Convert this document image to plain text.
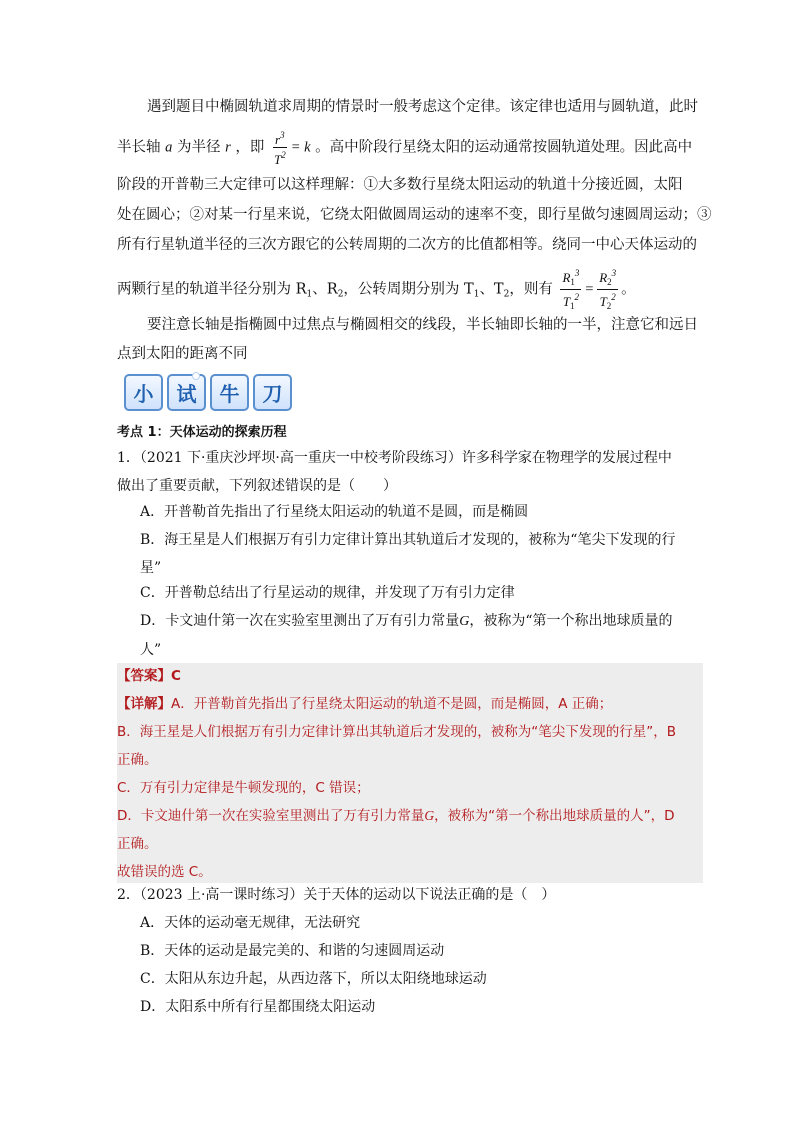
遇到题目中椭圆轨道求周期的情景时一般考虑这个定律。该定律也适用与圆轨道，此时
半长轴 a 为半径 r ，即 $\frac{r^3}{T^2} = k$ 。高中阶段行星绕太阳的运动通常按圆轨道处理。因此高中
阶段的开普勒三大定律可以这样理解：①大多数行星绕太阳运动的轨道十分接近圆，太阳
处在圆心；②对某一行星来说，它绕太阳做圆周运动的速率不变，即行星做匀速圆周运动；③
所有行星轨道半径的三次方跟它的公转周期的二次方的比值都相等。绕同一中心天体运动的
两颗行星的轨道半径分别为 $R_1$、$R_2$，公转周期分别为 $T_1$、$T_2$，则有 $\frac{R_1^3}{T_1^2} = \frac{R_2^3}{T_2^2}$ 。
要注意长轴是指椭圆中过焦点与椭圆相交的线段，半长轴即长轴的一半，注意它和远日
点到太阳的距离不同
小	试	牛	刀
考点 1：天体运动的探索历程
1．（2021 下·重庆沙坪坝·高一重庆一中校考阶段练习）许多科学家在物理学的发展过程中
做出了重要贡献，下列叙述错误的是（　　）
A．开普勒首先指出了行星绕太阳运动的轨道不是圆，而是椭圆
B．海王星是人们根据万有引力定律计算出其轨道后才发现的，被称为“笔尖下发现的行
星”
C．开普勒总结出了行星运动的规律，并发现了万有引力定律
D．卡文迪什第一次在实验室里测出了万有引力常量G，被称为“第一个称出地球质量的
人”
【答案】C
【详解】A．开普勒首先指出了行星绕太阳运动的轨道不是圆，而是椭圆，A 正确；
B．海王星是人们根据万有引力定律计算出其轨道后才发现的，被称为“笔尖下发现的行星”，B
正确。
C．万有引力定律是牛顿发现的，C 错误；
D．卡文迪什第一次在实验室里测出了万有引力常量G，被称为“第一个称出地球质量的人”，D
正确。
故错误的选 C。
2．（2023 上·高一课时练习）关于天体的运动以下说法正确的是（　）
A．天体的运动毫无规律，无法研究
B．天体的运动是最完美的、和谐的匀速圆周运动
C．太阳从东边升起，从西边落下，所以太阳绕地球运动
D．太阳系中所有行星都围绕太阳运动
